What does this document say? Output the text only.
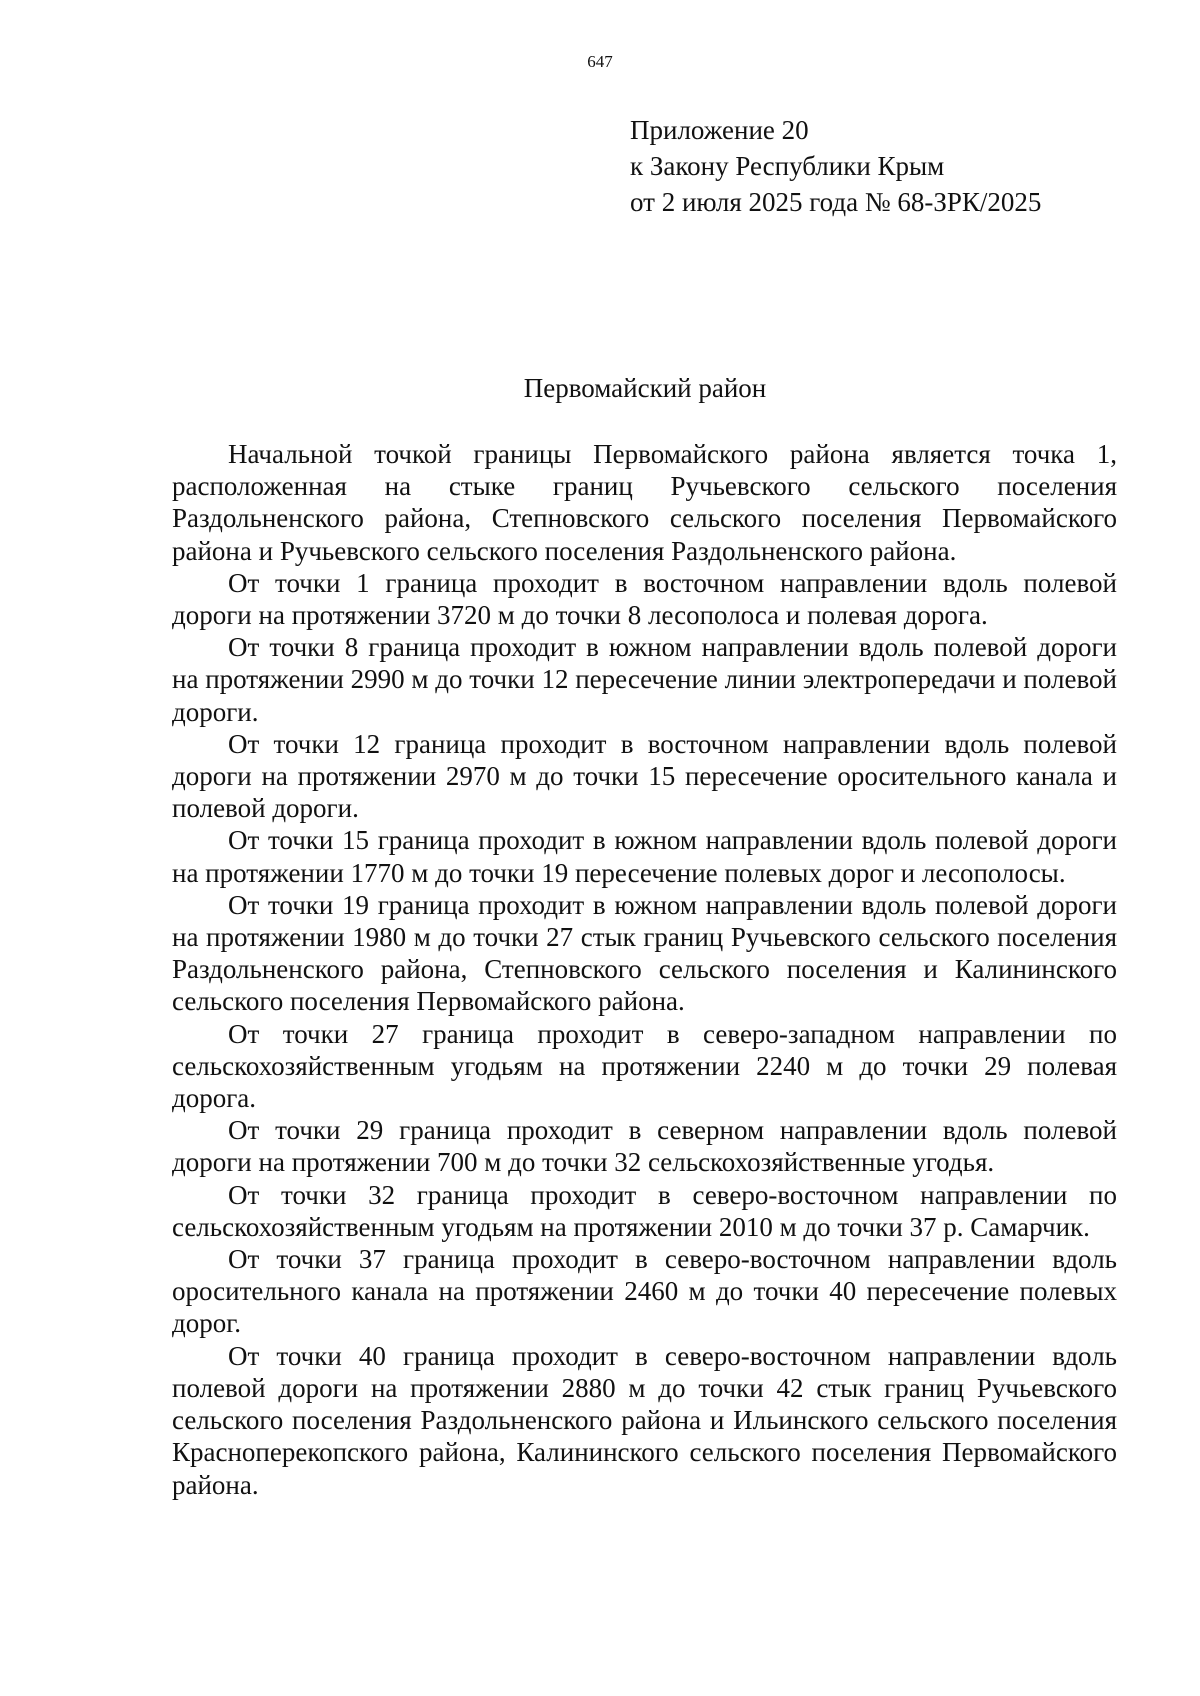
647
Приложение 20
к Закону Республики Крым
от 2 июля 2025 года № 68-ЗРК/2025
Первомайский район

Начальной точкой границы Первомайского района является точка 1, расположенная на стыке границ Ручьевского сельского поселения Раздольненского района, Степновского сельского поселения Первомайского района и Ручьевского сельского поселения Раздольненского района.

От точки 1 граница проходит в восточном направлении вдоль полевой дороги на протяжении 3720 м до точки 8 лесополоса и полевая дорога.

От точки 8 граница проходит в южном направлении вдоль полевой дороги на протяжении 2990 м до точки 12 пересечение линии электропередачи и полевой дороги.

От точки 12 граница проходит в восточном направлении вдоль полевой дороги на протяжении 2970 м до точки 15 пересечение оросительного канала и полевой дороги.

От точки 15 граница проходит в южном направлении вдоль полевой дороги на протяжении 1770 м до точки 19 пересечение полевых дорог и лесополосы.

От точки 19 граница проходит в южном направлении вдоль полевой дороги на протяжении 1980 м до точки 27 стык границ Ручьевского сельского поселения Раздольненского района, Степновского сельского поселения и Калининского сельского поселения Первомайского района.

От точки 27 граница проходит в северо-западном направлении по сельскохозяйственным угодьям на протяжении 2240 м до точки 29 полевая дорога.

От точки 29 граница проходит в северном направлении вдоль полевой дороги на протяжении 700 м до точки 32 сельскохозяйственные угодья.

От точки 32 граница проходит в северо-восточном направлении по сельскохозяйственным угодьям на протяжении 2010 м до точки 37 р. Самарчик.

От точки 37 граница проходит в северо-восточном направлении вдоль оросительного канала на протяжении 2460 м до точки 40 пересечение полевых дорог.

От точки 40 граница проходит в северо-восточном направлении вдоль полевой дороги на протяжении 2880 м до точки 42 стык границ Ручьевского сельского поселения Раздольненского района и Ильинского сельского поселения Красноперекопского района, Калининского сельского поселения Первомайского района.
